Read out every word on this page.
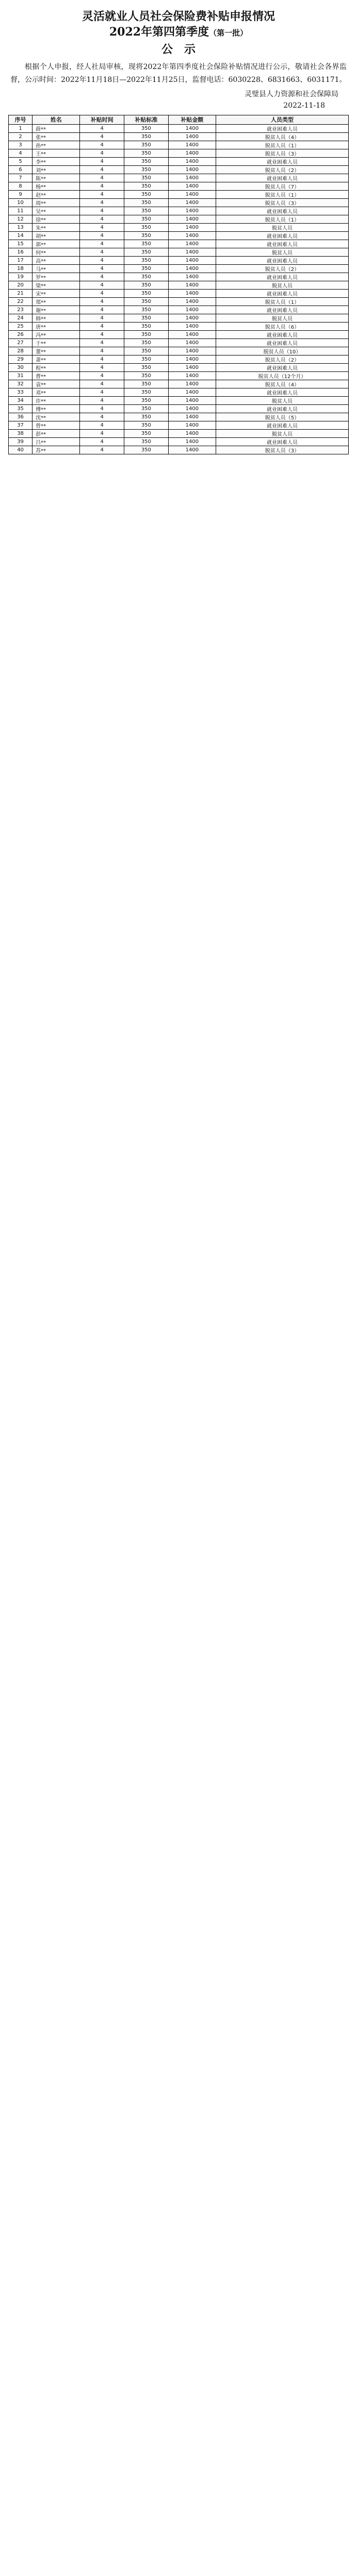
灵活就业人员社会保险费补贴申报情况
2022年第四第季度（第一批）
公示

根据个人申报，经人社局审核，现将2022年第四季度社会保险补贴情况进行公示，敬请社会各界监督，公示时间：2022年11月18日—2022年11月25日，监督电话：6030228、6831663、6031171。

灵璧县人力资源和社会保障局
2022-11-18
序号	姓名	补贴时间	补贴标准	补贴金额	人员类型
1	薛**	4	350	1400	就业困难人员
2	张**	4	350	1400	脱贫人员（4）
3	孙**	4	350	1400	脱贫人员（1）
4	王**	4	350	1400	脱贫人员（3）
5	李**	4	350	1400	就业困难人员
6	刘**	4	350	1400	脱贫人员（2）
7	陈**	4	350	1400	就业困难人员
8	杨**	4	350	1400	脱贫人员（7）
9	赵**	4	350	1400	脱贫人员（1）
10	周**	4	350	1400	脱贫人员（3）
11	吴**	4	350	1400	就业困难人员
12	徐**	4	350	1400	脱贫人员（1）
13	朱**	4	350	1400	脱贫人员
14	胡**	4	350	1400	就业困难人员
15	郭**	4	350	1400	就业困难人员
16	何**	4	350	1400	脱贫人员
17	高**	4	350	1400	就业困难人员
18	马**	4	350	1400	脱贫人员（2）
19	罗**	4	350	1400	就业困难人员
20	梁**	4	350	1400	脱贫人员
21	宋**	4	350	1400	就业困难人员
22	郑**	4	350	1400	脱贫人员（1）
23	谢**	4	350	1400	就业困难人员
24	韩**	4	350	1400	脱贫人员
25	唐**	4	350	1400	脱贫人员（6）
26	冯**	4	350	1400	就业困难人员
27	于**	4	350	1400	就业困难人员
28	董**	4	350	1400	脱贫人员（10）
29	萧**	4	350	1400	脱贫人员（2）
30	程**	4	350	1400	就业困难人员
31	曹**	4	350	1400	脱贫人员（12个月）
32	袁**	4	350	1400	脱贫人员（4）
33	邓**	4	350	1400	就业困难人员
34	许**	4	350	1400	脱贫人员
35	傅**	4	350	1400	就业困难人员
36	沈**	4	350	1400	脱贫人员（5）
37	曾**	4	350	1400	就业困难人员
38	彭**	4	350	1400	脱贫人员
39	吕**	4	350	1400	就业困难人员
40	苏**	4	350	1400	脱贫人员（3）
